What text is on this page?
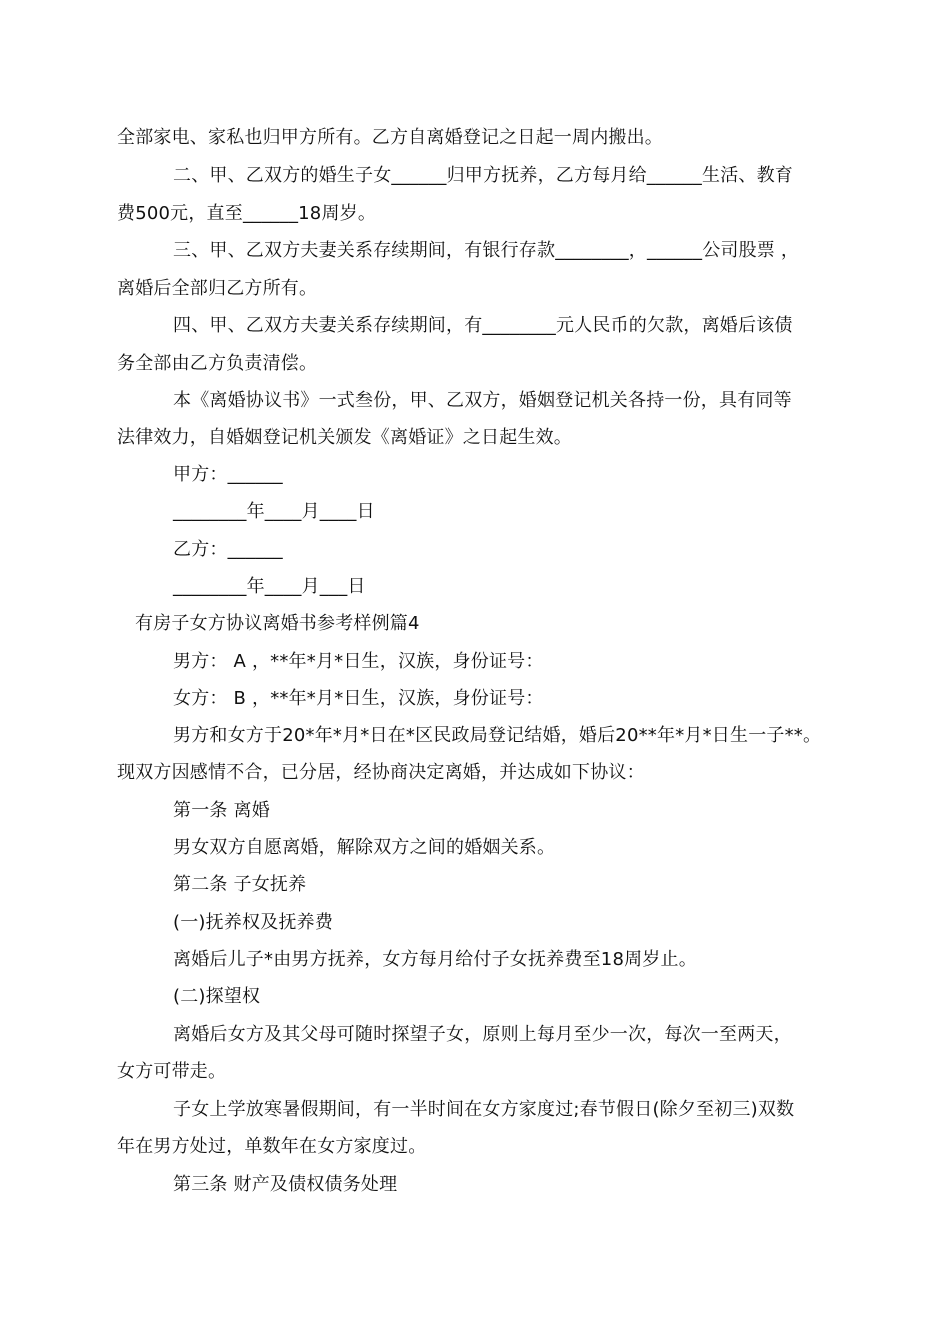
全部家电、家私也归甲方所有。乙方自离婚登记之日起一周内搬出。
二、甲、乙双方的婚生子女______归甲方抚养，乙方每月给______生活、教育
费500元，直至______18周岁。
三、甲、乙双方夫妻关系存续期间，有银行存款________，______公司股票 ，
离婚后全部归乙方所有。
四、甲、乙双方夫妻关系存续期间，有________元人民币的欠款，离婚后该债
务全部由乙方负责清偿。
本《离婚协议书》一式叁份，甲、乙双方，婚姻登记机关各持一份，具有同等
法律效力，自婚姻登记机关颁发《离婚证》之日起生效。
甲方：______
________年____月____日
乙方：______
________年____月___日
有房子女方协议离婚书参考样例篇4
男方： A ，**年*月*日生，汉族，身份证号：
女方： B ，**年*月*日生，汉族，身份证号：
男方和女方于20*年*月*日在*区民政局登记结婚，婚后20**年*月*日生一子**。
现双方因感情不合，已分居，经协商决定离婚，并达成如下协议：
第一条 离婚
男女双方自愿离婚，解除双方之间的婚姻关系。
第二条 子女抚养
(一)抚养权及抚养费
离婚后儿子*由男方抚养，女方每月给付子女抚养费至18周岁止。
(二)探望权
离婚后女方及其父母可随时探望子女，原则上每月至少一次，每次一至两天，
女方可带走。
子女上学放寒暑假期间，有一半时间在女方家度过;春节假日(除夕至初三)双数
年在男方处过，单数年在女方家度过。
第三条 财产及债权债务处理
